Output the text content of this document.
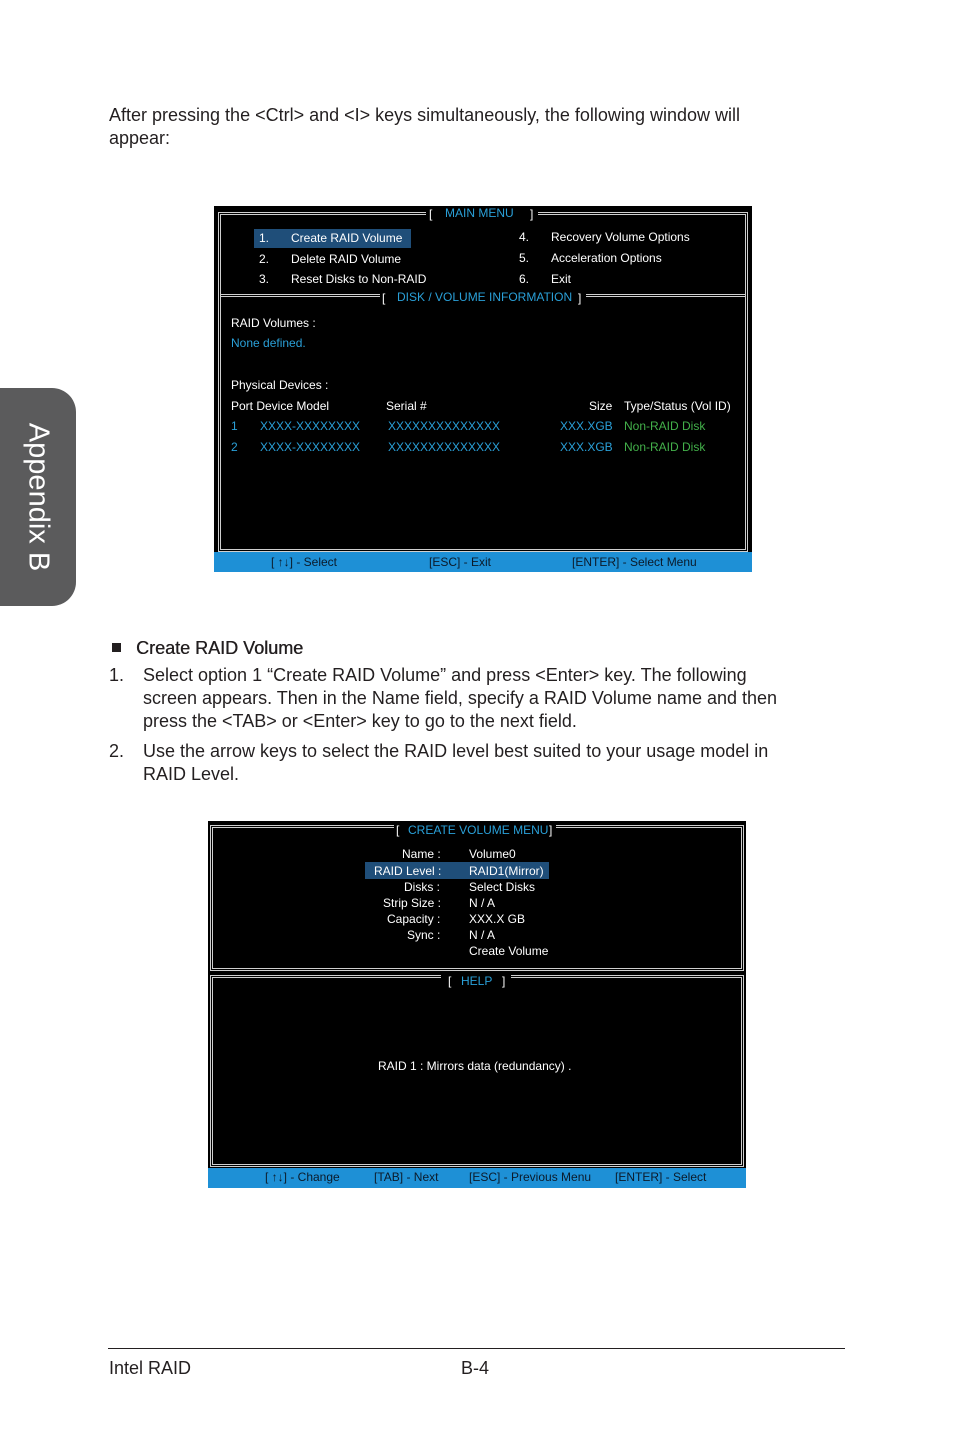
Appendix B
After pressing the <Ctrl> and <I> keys simultaneously, the following window will
appear:
[ MAIN MENU ]
1. Create RAID Volume
2. Delete RAID Volume
3. Reset Disks to Non-RAID
4. Recovery Volume Options
5. Acceleration Options
6. Exit
[ DISK / VOLUME INFORMATION ]
RAID Volumes :
None defined.
Physical Devices :
Port Device Model	Serial #	Size Type/Status (Vol ID)
1 XXXX-XXXXXXXX XXXXXXXXXXXXXX	XXX.XGB Non-RAID Disk
2 XXXX-XXXXXXXX XXXXXXXXXXXXXX	XXX.XGB Non-RAID Disk
[ ↑↓] - Select	[ESC] - Exit	[ENTER] - Select Menu
Create RAID Volume
1. Select option 1 “Create RAID Volume” and press <Enter> key. The following
screen appears. Then in the Name field, specify a RAID Volume name and then
press the <TAB> or <Enter> key to go to the next field.
2. Use the arrow keys to select the RAID level best suited to your usage model in
RAID Level.
[ CREATE VOLUME MENU ]
Name : Volume0
RAID Level : RAID1(Mirror)
Disks : Select Disks
Strip Size : N / A
Capacity : XXX.X GB
Sync : N / A
Create Volume
[ HELP ]
RAID 1 : Mirrors data (redundancy) .
[ ↑↓] - Change	[TAB] - Next	[ESC] - Previous Menu [ENTER] - Select
Intel RAID	B-4
